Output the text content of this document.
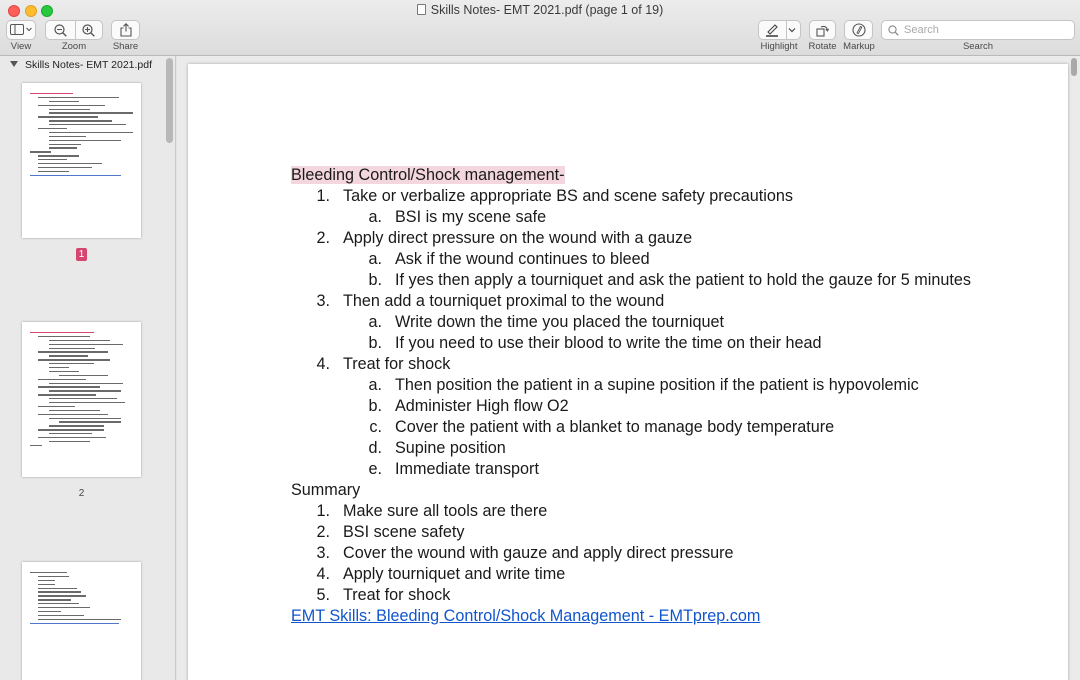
Skills Notes- EMT 2021.pdf (page 1 of 19)
View	Zoom	Share	Highlight	Rotate Markup
Search	Search
Skills Notes- EMT 2021.pdf
1
2
Bleeding Control/Shock management-
1. Take or verbalize appropriate BS and scene safety precautions
a. BSI is my scene safe
2. Apply direct pressure on the wound with a gauze
a. Ask if the wound continues to bleed
b. If yes then apply a tourniquet and ask the patient to hold the gauze for 5 minutes
3. Then add a tourniquet proximal to the wound
a. Write down the time you placed the tourniquet
b. If you need to use their blood to write the time on their head
4. Treat for shock
a. Then position the patient in a supine position if the patient is hypovolemic
b. Administer High flow O2
c. Cover the patient with a blanket to manage body temperature
d. Supine position
e. Immediate transport
Summary
1. Make sure all tools are there
2. BSI scene safety
3. Cover the wound with gauze and apply direct pressure
4. Apply tourniquet and write time
5. Treat for shock
EMT Skills: Bleeding Control/Shock Management - EMTprep.com
